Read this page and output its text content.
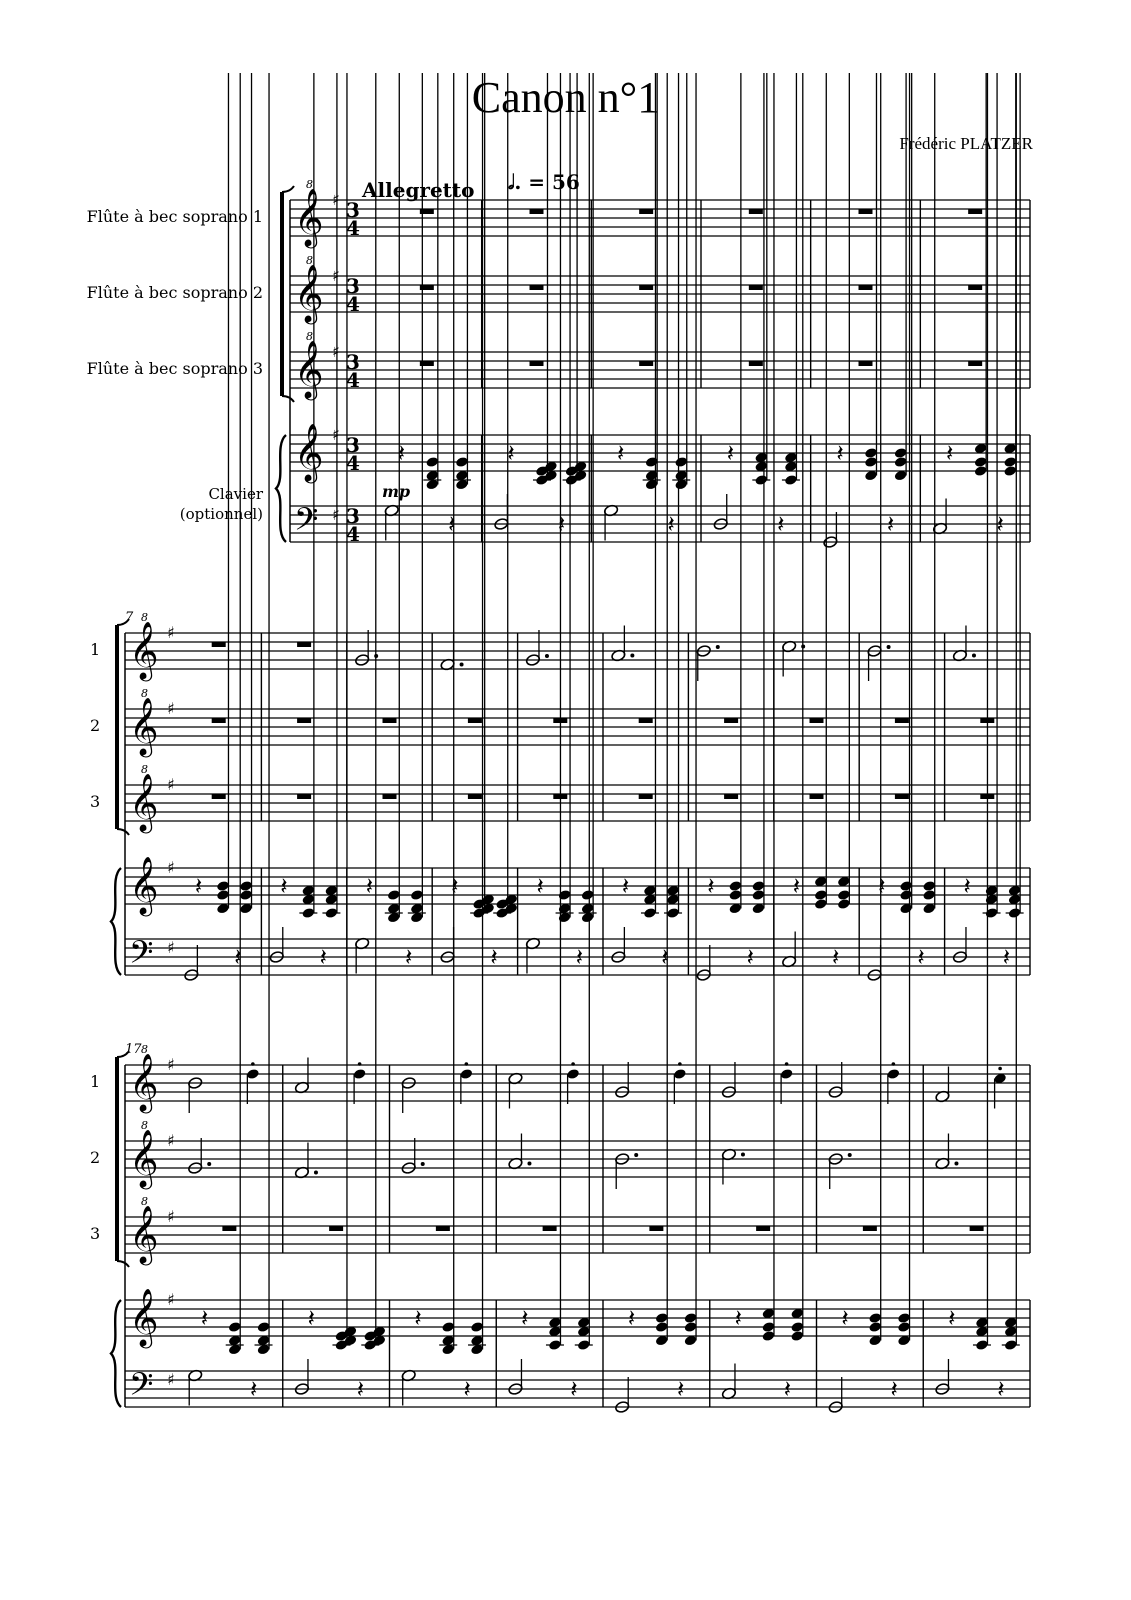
Canon n°1
Frédéric PLATZER
Allegretto 𝅗𝅥. = 56
𝄞
8
𝄞
8
𝄞
8
𝄞
𝄢
♯
♯
♯
♯
♯
3
4
3
4
3
4
3
4
3
4
𝄽
𝄽
𝄽
𝄽
𝄽
𝄽
𝄽
𝄽
𝄽
𝄽
𝄽
𝄽
Flûte à bec soprano 1
Flûte à bec soprano 2
Flûte à bec soprano 3
Clavier
(optionnel)
mp
𝄞
8
𝄞
8
𝄞
8
𝄞
𝄢
♯
♯
♯
♯
♯
7
𝄽
𝄽
𝄽
𝄽
𝄽
𝄽
𝄽
𝄽
𝄽
𝄽
𝄽
𝄽
𝄽
𝄽
𝄽
𝄽
𝄽
𝄽
𝄽
𝄽
1
2
3
𝄞
8
𝄞
8
𝄞
8
𝄞
𝄢
♯
♯
♯
♯
♯
17
𝄽
𝄽
𝄽
𝄽
𝄽
𝄽
𝄽
𝄽
𝄽
𝄽
𝄽
𝄽
𝄽
𝄽
𝄽
𝄽
1
2
3
